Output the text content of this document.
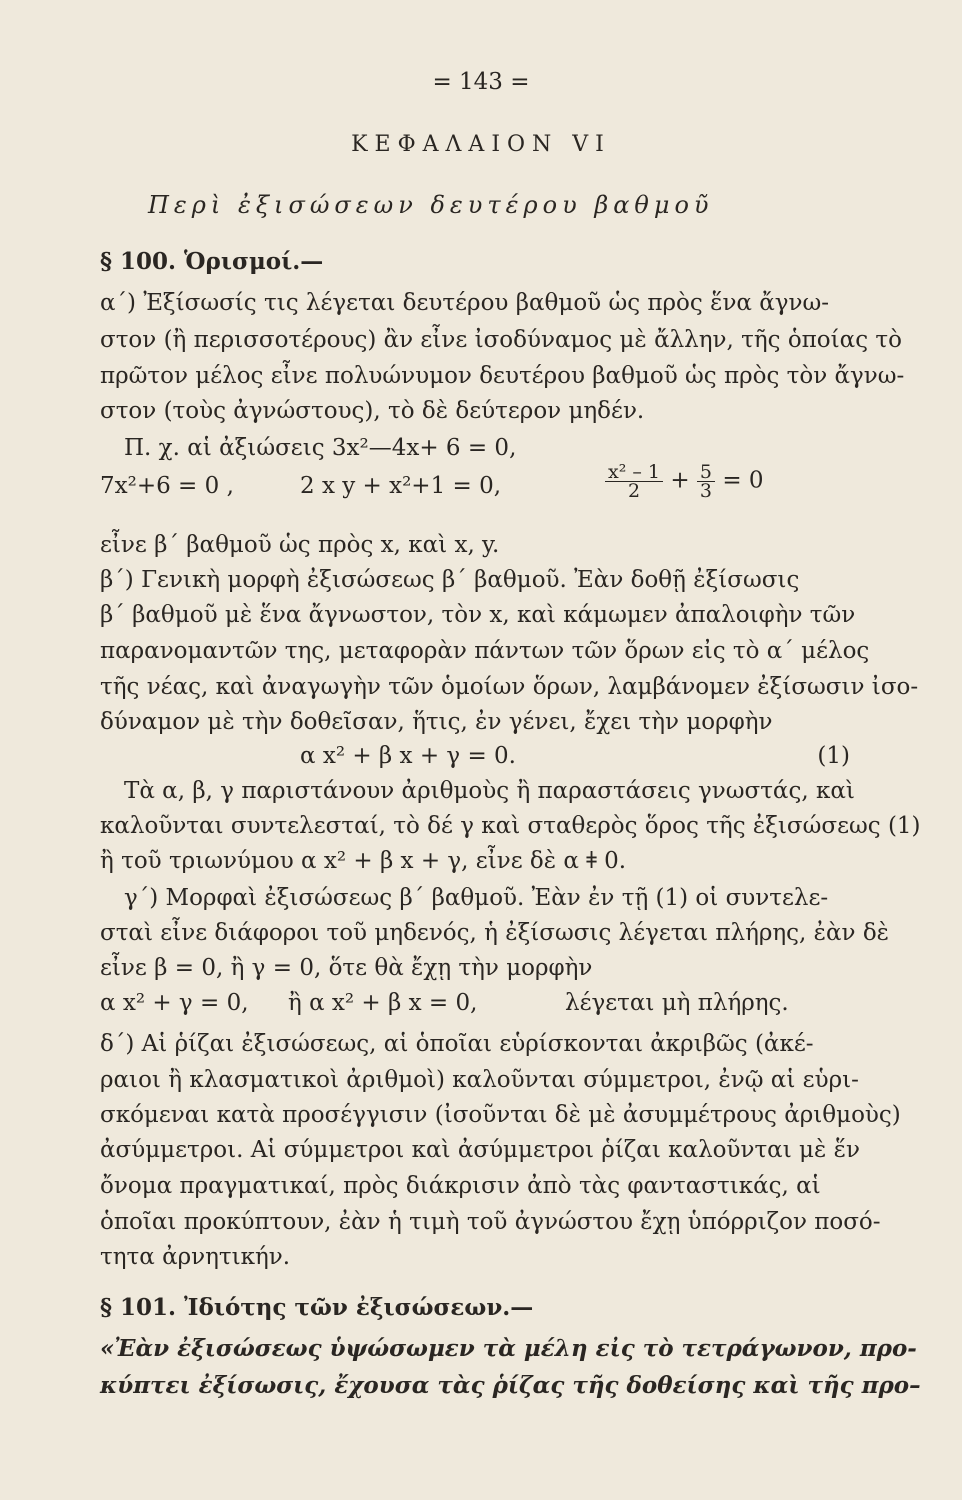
= 143 =
ΚΕΦΑΛΑΙΟΝ VI
Περὶ ἐξισώσεων δευτέρου βαθμοῦ
§ 100. Ὁρισμοί.—
α΄) Ἐξίσωσίς τις λέγεται δευτέρου βαθμοῦ ὡς πρὸς ἕνα ἄγνω-
στον (ἢ περισσοτέρους) ἂν εἶνε ἰσοδύναμος μὲ ἄλλην, τῆς ὁποίας τὸ
πρῶτον μέλος εἶνε πολυώνυμον δευτέρου βαθμοῦ ὡς πρὸς τὸν ἄγνω-
στον (τοὺς ἀγνώστους), τὸ δὲ δεύτερον μηδέν.
Π. χ. αἱ ἀξιώσεις 3x²—4x+ 6 = 0,
7x²+6 = 0 ,	2 x y + x²+1 = 0,	$\frac{\text{x² – 1}}{2} + \frac{5}{3} = 0$
εἶνε β΄ βαθμοῦ ὡς πρὸς x, καὶ x, y.
β΄) Γενικὴ μορφὴ ἐξισώσεως β΄ βαθμοῦ. Ἐὰν δοθῇ ἐξίσωσις
β΄ βαθμοῦ μὲ ἕνα ἄγνωστον, τὸν x, καὶ κάμωμεν ἀπαλοιφὴν τῶν
παρανομαντῶν της, μεταφορὰν πάντων τῶν ὅρων εἰς τὸ α΄ μέλος
τῆς νέας, καὶ ἀναγωγὴν τῶν ὁμοίων ὅρων, λαμβάνομεν ἐξίσωσιν ἰσο-
δύναμον μὲ τὴν δοθεῖσαν, ἥτις, ἐν γένει, ἔχει τὴν μορφὴν
α x² + β x + γ = 0.	(1)
Τὰ α, β, γ παριστάνουν ἀριθμοὺς ἢ παραστάσεις γνωστάς, καὶ
καλοῦνται συντελεσταί, τὸ δέ γ καὶ σταθερὸς ὅρος τῆς ἐξισώσεως (1)
ἢ τοῦ τριωνύμου α x² + β x + γ, εἶνε δὲ α ǂ 0.
γ΄) Μορφαὶ ἐξισώσεως β΄ βαθμοῦ. Ἐὰν ἐν τῇ (1) οἱ συντελε-
σταὶ εἶνε διάφοροι τοῦ μηδενός, ἡ ἐξίσωσις λέγεται πλήρης, ἐὰν δὲ
εἶνε β = 0, ἢ γ = 0, ὅτε θὰ ἔχῃ τὴν μορφὴν
α x² + γ = 0, ἢ α x² + β x = 0,	λέγεται μὴ πλήρης.
δ΄) Αἱ ῥίζαι ἐξισώσεως, αἱ ὁποῖαι εὑρίσκονται ἀκριβῶς (ἀκέ-
ραιοι ἢ κλασματικοὶ ἀριθμοὶ) καλοῦνται σύμμετροι, ἐνῷ αἱ εὑρι-
σκόμεναι κατὰ προσέγγισιν (ἰσοῦνται δὲ μὲ ἀσυμμέτρους ἀριθμοὺς)
ἀσύμμετροι. Αἱ σύμμετροι καὶ ἀσύμμετροι ῥίζαι καλοῦνται μὲ ἕν
ὄνομα πραγματικαί, πρὸς διάκρισιν ἀπὸ τὰς φανταστικάς, αἱ
ὁποῖαι προκύπτουν, ἐὰν ἡ τιμὴ τοῦ ἀγνώστου ἔχῃ ὑπόρριζον ποσό-
τητα ἀρνητικήν.
§ 101. Ἰδιότης τῶν ἐξισώσεων.—
«Ἐὰν ἐξισώσεως ὑψώσωμεν τὰ μέλη εἰς τὸ τετράγωνον, προ-
κύπτει ἐξίσωσις, ἔχουσα τὰς ῥίζας τῆς δοθείσης καὶ τῆς προ–
